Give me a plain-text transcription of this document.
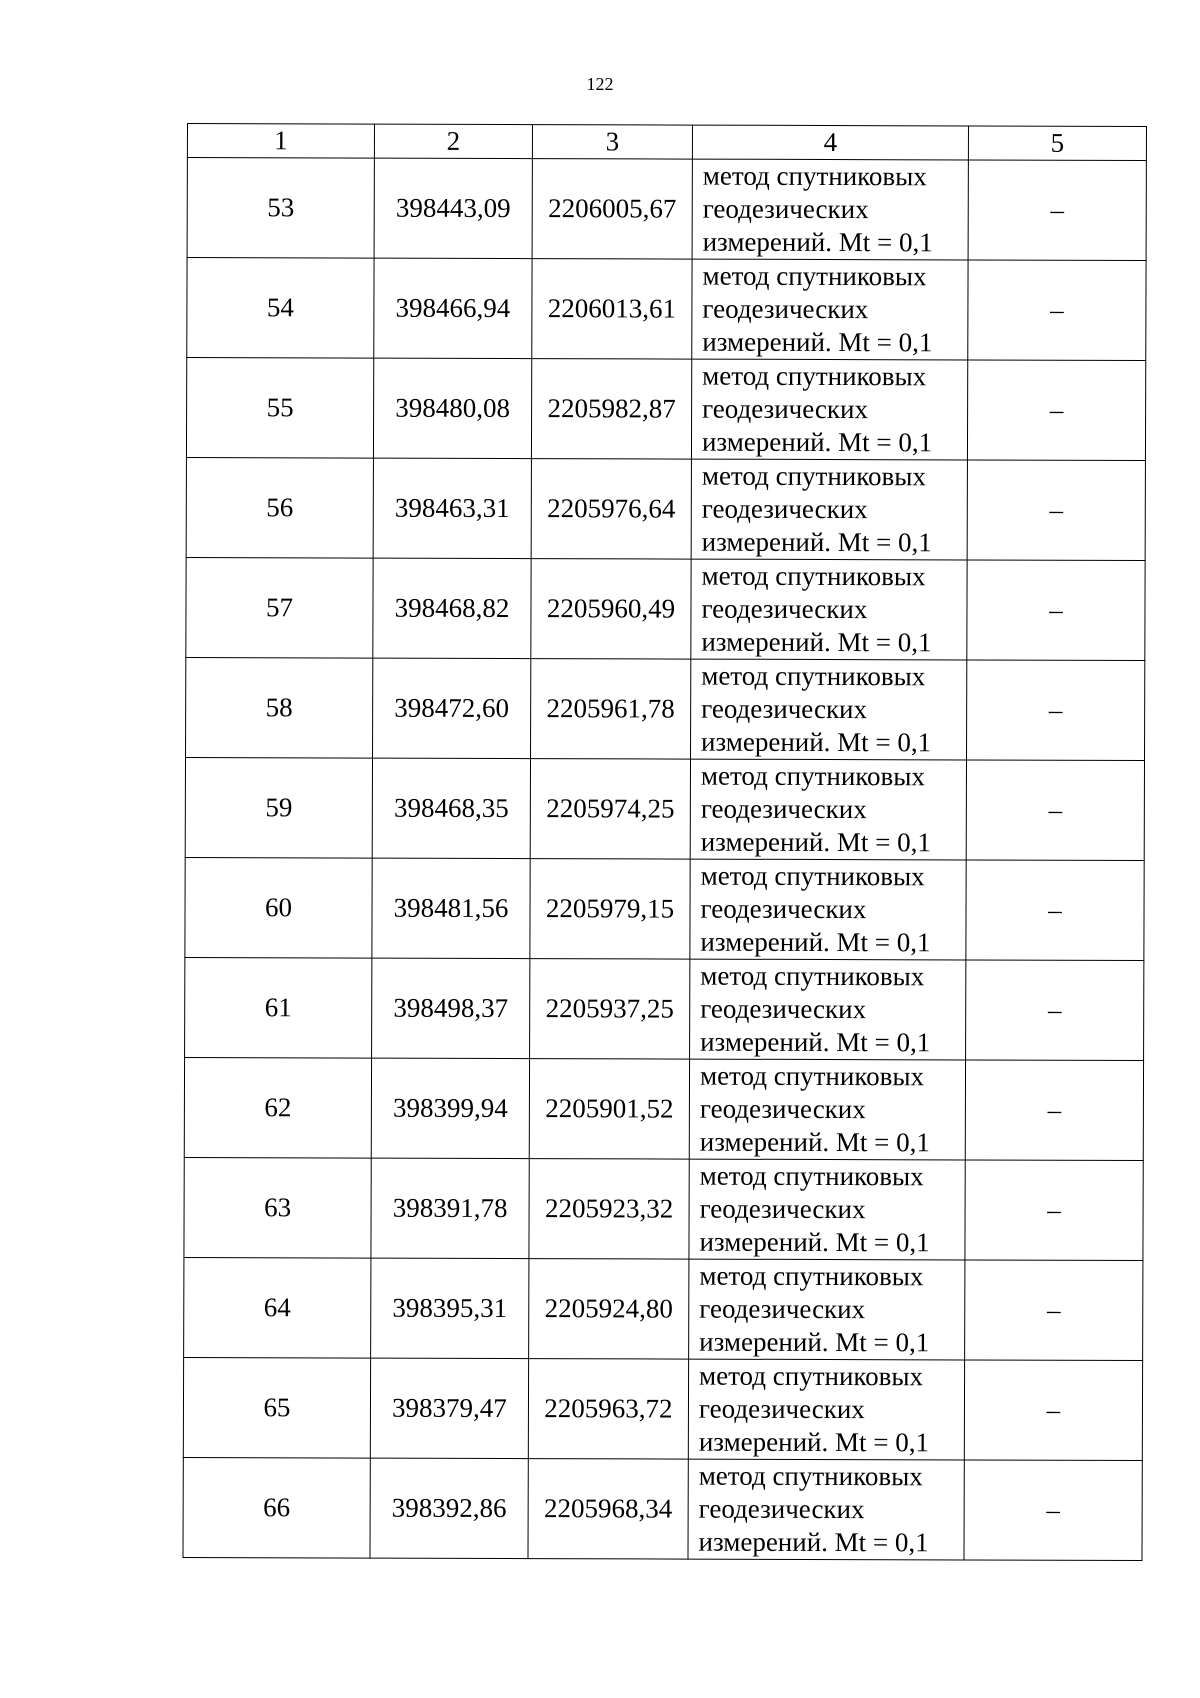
122
1	2	3	4	5
53	398443,09	2206005,67	метод спутниковых
геодезических
измерений. Mt = 0,1	–
54	398466,94	2206013,61	метод спутниковых
геодезических
измерений. Mt = 0,1	–
55	398480,08	2205982,87	метод спутниковых
геодезических
измерений. Mt = 0,1	–
56	398463,31	2205976,64	метод спутниковых
геодезических
измерений. Mt = 0,1	–
57	398468,82	2205960,49	метод спутниковых
геодезических
измерений. Mt = 0,1	–
58	398472,60	2205961,78	метод спутниковых
геодезических
измерений. Mt = 0,1	–
59	398468,35	2205974,25	метод спутниковых
геодезических
измерений. Mt = 0,1	–
60	398481,56	2205979,15	метод спутниковых
геодезических
измерений. Mt = 0,1	–
61	398498,37	2205937,25	метод спутниковых
геодезических
измерений. Mt = 0,1	–
62	398399,94	2205901,52	метод спутниковых
геодезических
измерений. Mt = 0,1	–
63	398391,78	2205923,32	метод спутниковых
геодезических
измерений. Mt = 0,1	–
64	398395,31	2205924,80	метод спутниковых
геодезических
измерений. Mt = 0,1	–
65	398379,47	2205963,72	метод спутниковых
геодезических
измерений. Mt = 0,1	–
66	398392,86	2205968,34	метод спутниковых
геодезических
измерений. Mt = 0,1	–
